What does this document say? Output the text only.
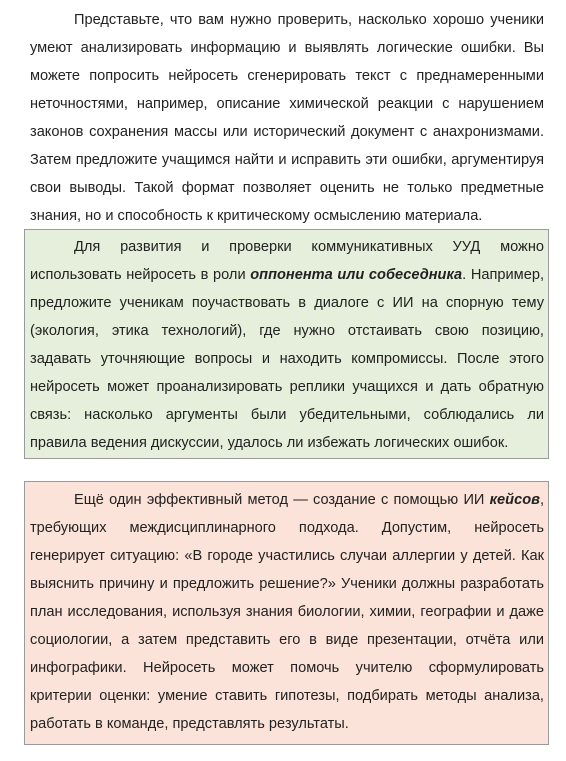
Представьте, что вам нужно проверить, насколько хорошо ученики умеют анализировать информацию и выявлять логические ошибки. Вы можете попросить нейросеть сгенерировать текст с преднамеренными неточностями, например, описание химической реакции с нарушением законов сохранения массы или исторический документ с анахронизмами. Затем предложите учащимся найти и исправить эти ошибки, аргументируя свои выводы. Такой формат позволяет оценить не только предметные знания, но и способность к критическому осмыслению материала.

Для развития и проверки коммуникативных УУД можно использовать нейросеть в роли оппонента или собеседника. Например, предложите ученикам поучаствовать в диалоге с ИИ на спорную тему (экология, этика технологий), где нужно отстаивать свою позицию, задавать уточняющие вопросы и находить компромиссы. После этого нейросеть может проанализировать реплики учащихся и дать обратную связь: насколько аргументы были убедительными, соблюдались ли правила ведения дискуссии, удалось ли избежать логических ошибок.

Ещё один эффективный метод — создание с помощью ИИ кейсов, требующих междисциплинарного подхода. Допустим, нейросеть генерирует ситуацию: «В городе участились случаи аллергии у детей. Как выяснить причину и предложить решение?» Ученики должны разработать план исследования, используя знания биологии, химии, географии и даже социологии, а затем представить его в виде презентации, отчёта или инфографики. Нейросеть может помочь учителю сформулировать критерии оценки: умение ставить гипотезы, подбирать методы анализа, работать в команде, представлять результаты.
